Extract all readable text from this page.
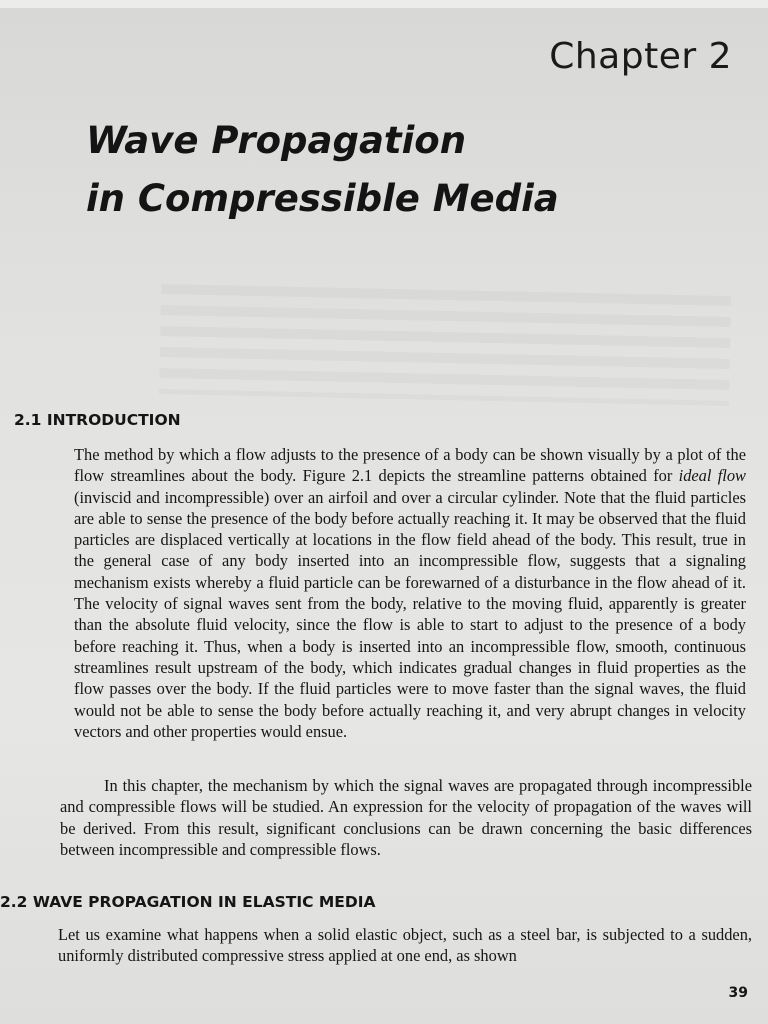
Chapter 2
Wave Propagation
in Compressible Media
2.1 INTRODUCTION
The method by which a flow adjusts to the presence of a body can be shown visually by a plot of the flow streamlines about the body. Figure 2.1 depicts the streamline patterns obtained for ideal flow (inviscid and incompressible) over an airfoil and over a circular cylinder. Note that the fluid particles are able to sense the presence of the body before actually reaching it. It may be observed that the fluid particles are displaced vertically at locations in the flow field ahead of the body. This result, true in the general case of any body inserted into an incompressible flow, suggests that a signaling mechanism exists whereby a fluid particle can be forewarned of a disturbance in the flow ahead of it. The velocity of signal waves sent from the body, relative to the moving fluid, apparently is greater than the absolute fluid velocity, since the flow is able to start to adjust to the presence of a body before reaching it. Thus, when a body is inserted into an incompressible flow, smooth, continuous streamlines result upstream of the body, which indicates gradual changes in fluid properties as the flow passes over the body. If the fluid particles were to move faster than the signal waves, the fluid would not be able to sense the body before actually reaching it, and very abrupt changes in velocity vectors and other properties would ensue.
In this chapter, the mechanism by which the signal waves are propagated through incompressible and compressible flows will be studied. An expression for the velocity of propagation of the waves will be derived. From this result, significant conclusions can be drawn concerning the basic differences between incompressible and compressible flows.
2.2 WAVE PROPAGATION IN ELASTIC MEDIA
Let us examine what happens when a solid elastic object, such as a steel bar, is subjected to a sudden, uniformly distributed compressive stress applied at one end, as shown
39
